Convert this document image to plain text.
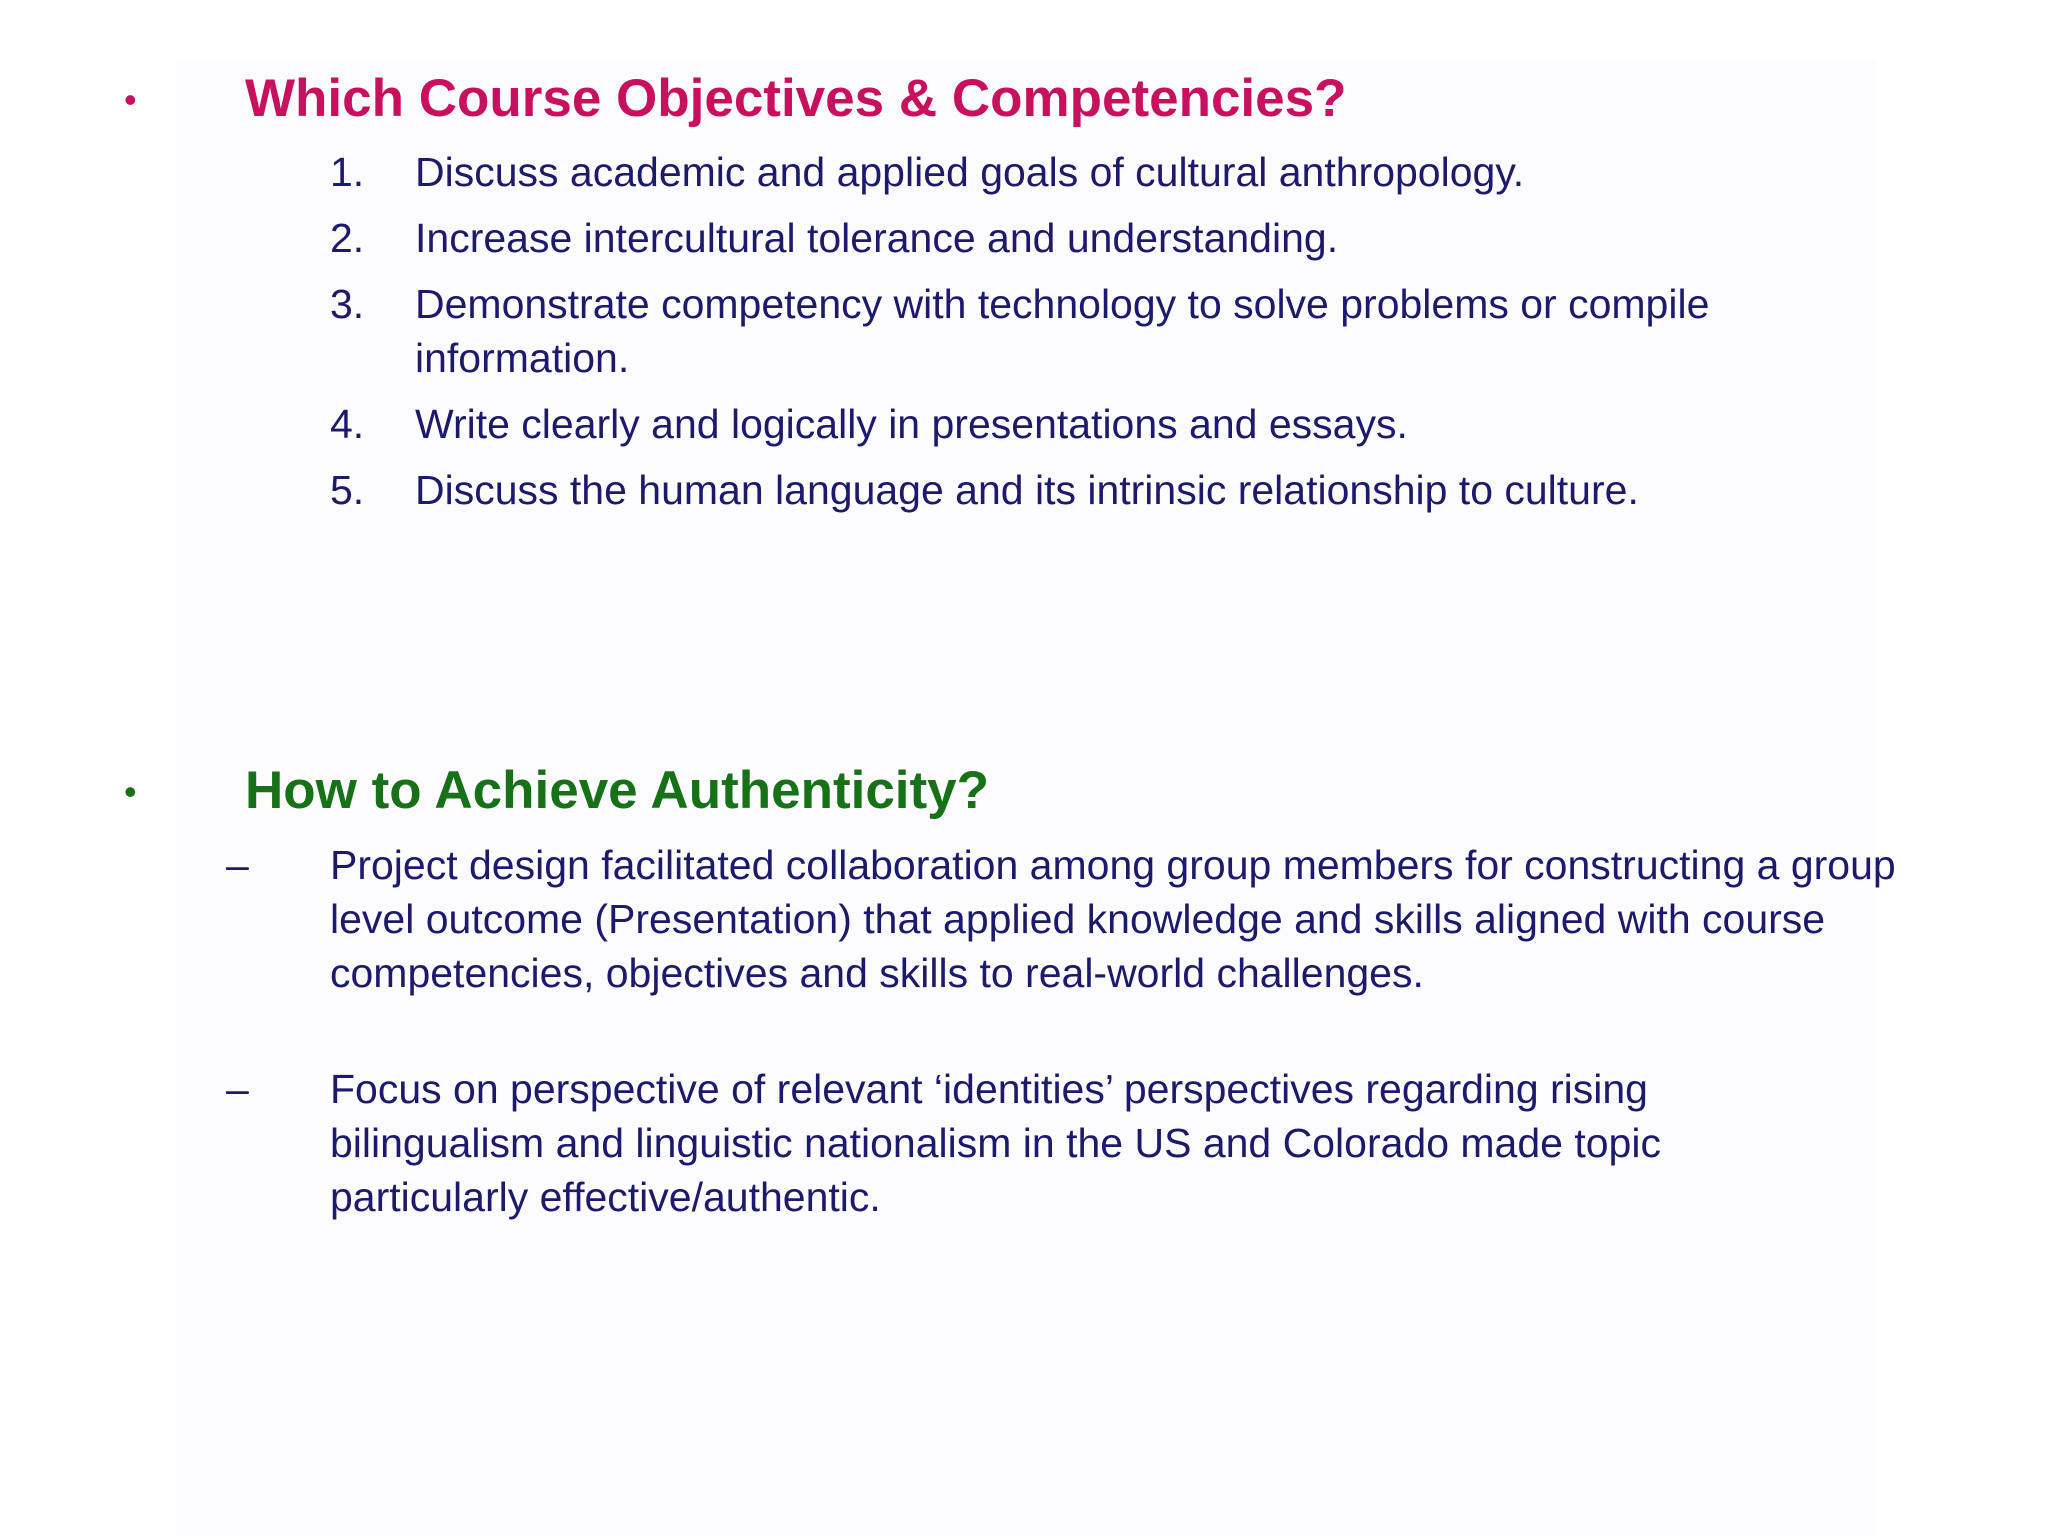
• Which Course Objectives & Competencies?
1. Discuss academic and applied goals of cultural anthropology.
2. Increase intercultural tolerance and understanding.
3. Demonstrate competency with technology to solve problems or compile information.
4. Write clearly and logically in presentations and essays.
5. Discuss the human language and its intrinsic relationship to culture.
• How to Achieve Authenticity?
– Project design facilitated collaboration among group members for constructing a group level outcome (Presentation) that applied knowledge and skills aligned with course competencies, objectives and skills to real-world challenges.
– Focus on perspective of relevant ‘identities’ perspectives regarding rising bilingualism and linguistic nationalism in the US and Colorado made topic particularly effective/authentic.
